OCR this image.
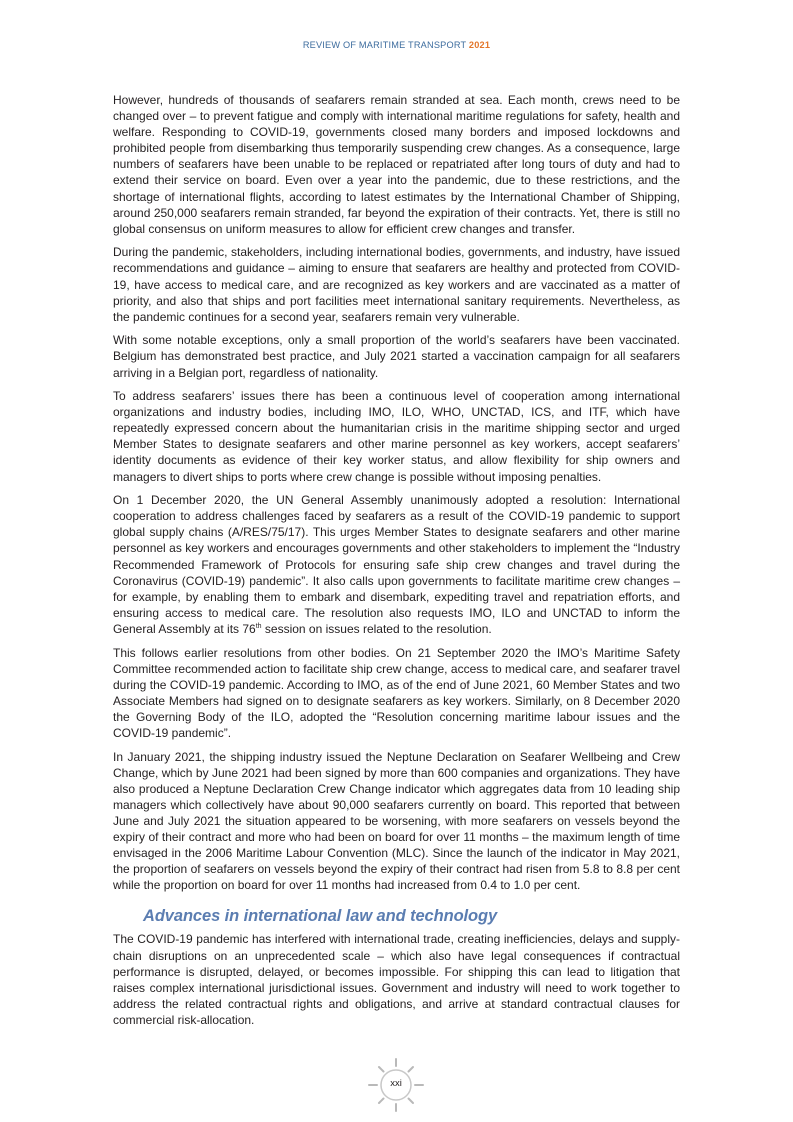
REVIEW OF MARITIME TRANSPORT 2021

However, hundreds of thousands of seafarers remain stranded at sea. Each month, crews need to be changed over – to prevent fatigue and comply with international maritime regulations for safety, health and welfare. Responding to COVID-19, governments closed many borders and imposed lockdowns and prohibited people from disembarking thus temporarily suspending crew changes. As a consequence, large numbers of seafarers have been unable to be replaced or repatriated after long tours of duty and had to extend their service on board. Even over a year into the pandemic, due to these restrictions, and the shortage of international flights, according to latest estimates by the International Chamber of Shipping, around 250,000 seafarers remain stranded, far beyond the expiration of their contracts. Yet, there is still no global consensus on uniform measures to allow for efficient crew changes and transfer.

During the pandemic, stakeholders, including international bodies, governments, and industry, have issued recommendations and guidance – aiming to ensure that seafarers are healthy and protected from COVID-19, have access to medical care, and are recognized as key workers and are vaccinated as a matter of priority, and also that ships and port facilities meet international sanitary requirements. Nevertheless, as the pandemic continues for a second year, seafarers remain very vulnerable.

With some notable exceptions, only a small proportion of the world’s seafarers have been vaccinated. Belgium has demonstrated best practice, and July 2021 started a vaccination campaign for all seafarers arriving in a Belgian port, regardless of nationality.

To address seafarers’ issues there has been a continuous level of cooperation among international organizations and industry bodies, including IMO, ILO, WHO, UNCTAD, ICS, and ITF, which have repeatedly expressed concern about the humanitarian crisis in the maritime shipping sector and urged Member States to designate seafarers and other marine personnel as key workers, accept seafarers’ identity documents as evidence of their key worker status, and allow flexibility for ship owners and managers to divert ships to ports where crew change is possible without imposing penalties.

On 1 December 2020, the UN General Assembly unanimously adopted a resolution: International cooperation to address challenges faced by seafarers as a result of the COVID-19 pandemic to support global supply chains (A/RES/75/17). This urges Member States to designate seafarers and other marine personnel as key workers and encourages governments and other stakeholders to implement the “Industry Recommended Framework of Protocols for ensuring safe ship crew changes and travel during the Coronavirus (COVID-19) pandemic”. It also calls upon governments to facilitate maritime crew changes – for example, by enabling them to embark and disembark, expediting travel and repatriation efforts, and ensuring access to medical care. The resolution also requests IMO, ILO and UNCTAD to inform the General Assembly at its 76th session on issues related to the resolution.

This follows earlier resolutions from other bodies. On 21 September 2020 the IMO’s Maritime Safety Committee recommended action to facilitate ship crew change, access to medical care, and seafarer travel during the COVID-19 pandemic. According to IMO, as of the end of June 2021, 60 Member States and two Associate Members had signed on to designate seafarers as key workers. Similarly, on 8 December 2020 the Governing Body of the ILO, adopted the “Resolution concerning maritime labour issues and the COVID-19 pandemic”.

In January 2021, the shipping industry issued the Neptune Declaration on Seafarer Wellbeing and Crew Change, which by June 2021 had been signed by more than 600 companies and organizations. They have also produced a Neptune Declaration Crew Change indicator which aggregates data from 10 leading ship managers which collectively have about 90,000 seafarers currently on board. This reported that between June and July 2021 the situation appeared to be worsening, with more seafarers on vessels beyond the expiry of their contract and more who had been on board for over 11 months – the maximum length of time envisaged in the 2006 Maritime Labour Convention (MLC). Since the launch of the indicator in May 2021, the proportion of seafarers on vessels beyond the expiry of their contract had risen from 5.8 to 8.8 per cent while the proportion on board for over 11 months had increased from 0.4 to 1.0 per cent.

Advances in international law and technology

The COVID-19 pandemic has interfered with international trade, creating inefficiencies, delays and supply-chain disruptions on an unprecedented scale – which also have legal consequences if contractual performance is disrupted, delayed, or becomes impossible. For shipping this can lead to litigation that raises complex international jurisdictional issues. Government and industry will need to work together to address the related contractual rights and obligations, and arrive at standard contractual clauses for commercial risk-allocation.

xxi
